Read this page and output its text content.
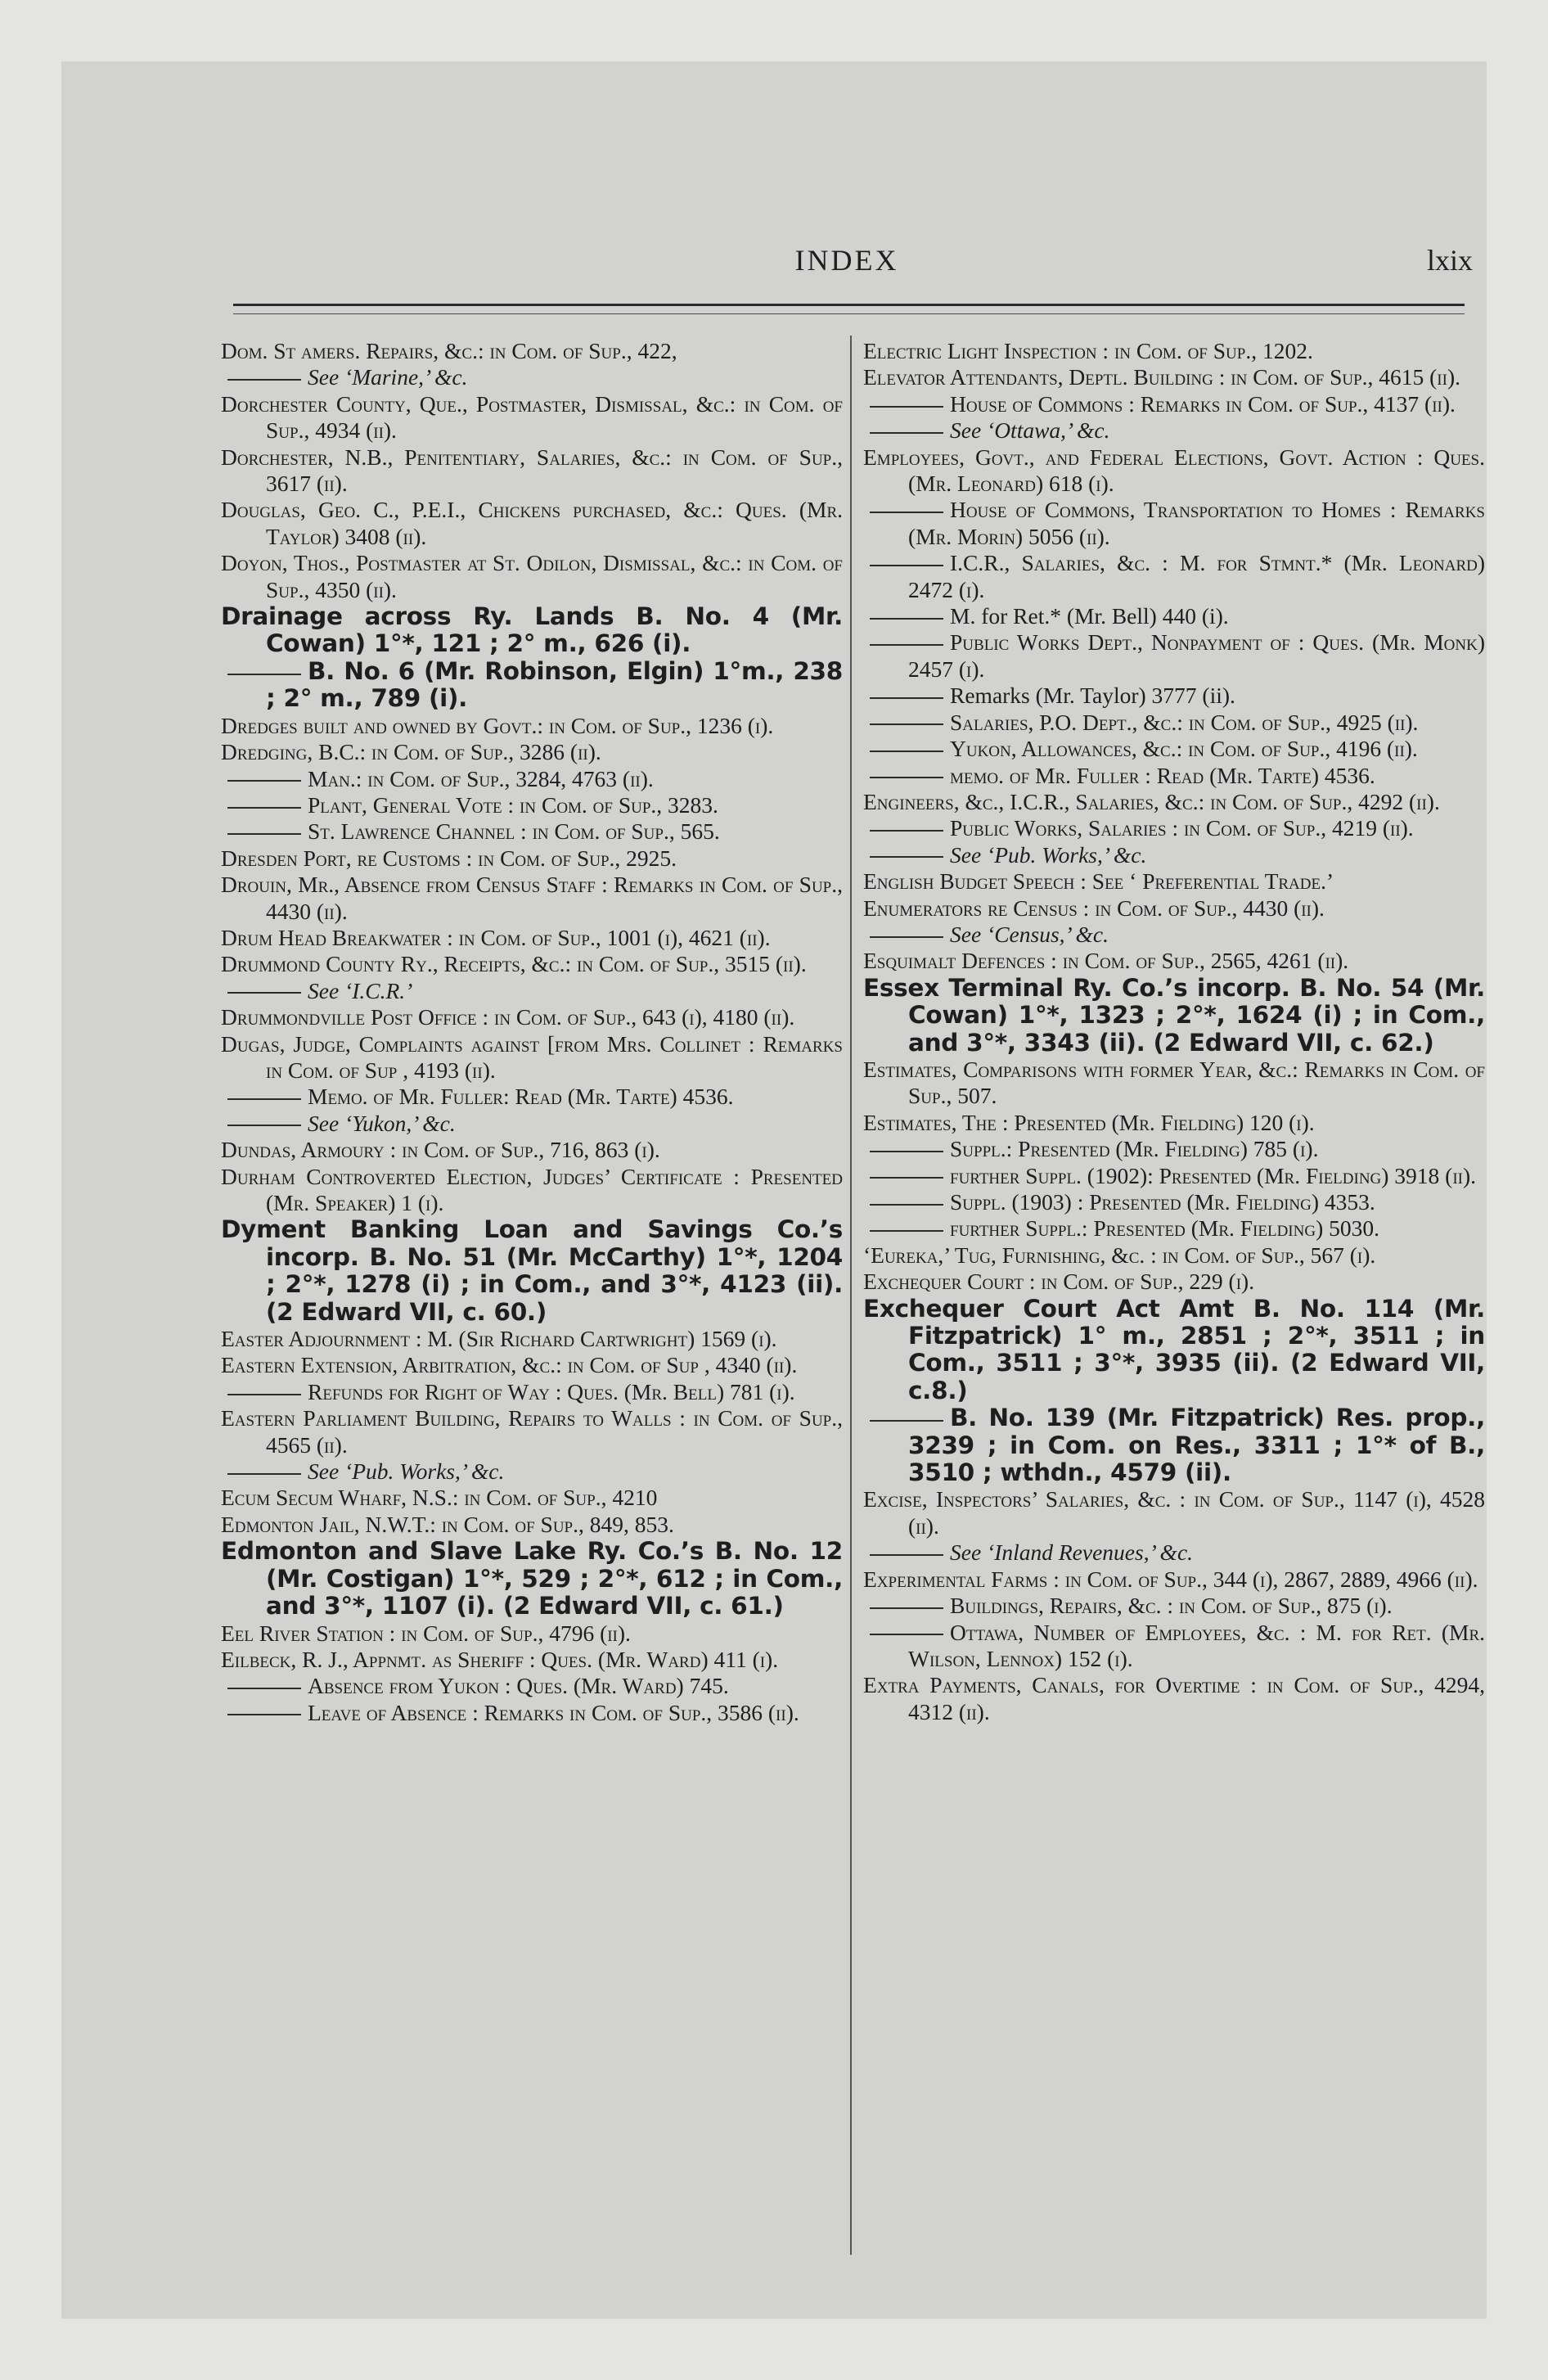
INDEX	lxix

Dom. St amers. Repairs, &c.: in Com. of Sup., 422,

See ‘Marine,’ &c.

Dorchester County, Que., Postmaster, Dismissal, &c.: in Com. of Sup., 4934 (ii).

Dorchester, N.B., Penitentiary, Salaries, &c.: in Com. of Sup., 3617 (ii).

Douglas, Geo. C., P.E.I., Chickens purchased, &c.: Ques. (Mr. Taylor) 3408 (ii).

Doyon, Thos., Postmaster at St. Odilon, Dismissal, &c.: in Com. of Sup., 4350 (ii).

Drainage across Ry. Lands B. No. 4 (Mr. Cowan) 1°*, 121 ; 2° m., 626 (i).

B. No. 6 (Mr. Robinson, Elgin) 1°m., 238 ; 2° m., 789 (i).

Dredges built and owned by Govt.: in Com. of Sup., 1236 (i).

Dredging, B.C.: in Com. of Sup., 3286 (ii).

Man.: in Com. of Sup., 3284, 4763 (ii).

Plant, General Vote : in Com. of Sup., 3283.

St. Lawrence Channel : in Com. of Sup., 565.

Dresden Port, re Customs : in Com. of Sup., 2925.

Drouin, Mr., Absence from Census Staff : Remarks in Com. of Sup., 4430 (ii).

Drum Head Breakwater : in Com. of Sup., 1001 (i), 4621 (ii).

Drummond County Ry., Receipts, &c.: in Com. of Sup., 3515 (ii).

See ‘I.C.R.’

Drummondville Post Office : in Com. of Sup., 643 (i), 4180 (ii).

Dugas, Judge, Complaints against [from Mrs. Collinet : Remarks in Com. of Sup , 4193 (ii).

Memo. of Mr. Fuller: Read (Mr. Tarte) 4536.

See ‘Yukon,’ &c.

Dundas, Armoury : in Com. of Sup., 716, 863 (i).

Durham Controverted Election, Judges’ Certificate : Presented (Mr. Speaker) 1 (i).

Dyment Banking Loan and Savings Co.’s incorp. B. No. 51 (Mr. McCarthy) 1°*, 1204 ; 2°*, 1278 (i) ; in Com., and 3°*, 4123 (ii). (2 Edward VII, c. 60.)

Easter Adjournment : M. (Sir Richard Cartwright) 1569 (i).

Eastern Extension, Arbitration, &c.: in Com. of Sup , 4340 (ii).

Refunds for Right of Way : Ques. (Mr. Bell) 781 (i).

Eastern Parliament Building, Repairs to Walls : in Com. of Sup., 4565 (ii).

See ‘Pub. Works,’ &c.

Ecum Secum Wharf, N.S.: in Com. of Sup., 4210

Edmonton Jail, N.W.T.: in Com. of Sup., 849, 853.

Edmonton and Slave Lake Ry. Co.’s B. No. 12 (Mr. Costigan) 1°*, 529 ; 2°*, 612 ; in Com., and 3°*, 1107 (i). (2 Edward VII, c. 61.)

Eel River Station : in Com. of Sup., 4796 (ii).

Eilbeck, R. J., Appnmt. as Sheriff : Ques. (Mr. Ward) 411 (i).

Absence from Yukon : Ques. (Mr. Ward) 745.

Leave of Absence : Remarks in Com. of Sup., 3586 (ii).

Electric Light Inspection : in Com. of Sup., 1202.

Elevator Attendants, Deptl. Building : in Com. of Sup., 4615 (ii).

House of Commons : Remarks in Com. of Sup., 4137 (ii).

See ‘Ottawa,’ &c.

Employees, Govt., and Federal Elections, Govt. Action : Ques. (Mr. Leonard) 618 (i).

House of Commons, Transportation to Homes : Remarks (Mr. Morin) 5056 (ii).

I.C.R., Salaries, &c. : M. for Stmnt.* (Mr. Leonard) 2472 (i).

M. for Ret.* (Mr. Bell) 440 (i).

Public Works Dept., Nonpayment of : Ques. (Mr. Monk) 2457 (i).

Remarks (Mr. Taylor) 3777 (ii).

Salaries, P.O. Dept., &c.: in Com. of Sup., 4925 (ii).

Yukon, Allowances, &c.: in Com. of Sup., 4196 (ii).

memo. of Mr. Fuller : Read (Mr. Tarte) 4536.

Engineers, &c., I.C.R., Salaries, &c.: in Com. of Sup., 4292 (ii).

Public Works, Salaries : in Com. of Sup., 4219 (ii).

See ‘Pub. Works,’ &c.

English Budget Speech : See ‘ Preferential Trade.’

Enumerators re Census : in Com. of Sup., 4430 (ii).

See ‘Census,’ &c.

Esquimalt Defences : in Com. of Sup., 2565, 4261 (ii).

Essex Terminal Ry. Co.’s incorp. B. No. 54 (Mr. Cowan) 1°*, 1323 ; 2°*, 1624 (i) ; in Com., and 3°*, 3343 (ii). (2 Edward VII, c. 62.)

Estimates, Comparisons with former Year, &c.: Remarks in Com. of Sup., 507.

Estimates, The : Presented (Mr. Fielding) 120 (i).

Suppl.: Presented (Mr. Fielding) 785 (i).

further Suppl. (1902): Presented (Mr. Fielding) 3918 (ii).

Suppl. (1903) : Presented (Mr. Fielding) 4353.

further Suppl.: Presented (Mr. Fielding) 5030.

‘Eureka,’ Tug, Furnishing, &c. : in Com. of Sup., 567 (i).

Exchequer Court : in Com. of Sup., 229 (i).

Exchequer Court Act Amt B. No. 114 (Mr. Fitzpatrick) 1° m., 2851 ; 2°*, 3511 ; in Com., 3511 ; 3°*, 3935 (ii). (2 Edward VII, c.8.)

B. No. 139 (Mr. Fitzpatrick) Res. prop., 3239 ; in Com. on Res., 3311 ; 1°* of B., 3510 ; wthdn., 4579 (ii).

Excise, Inspectors’ Salaries, &c. : in Com. of Sup., 1147 (i), 4528 (ii).

See ‘Inland Revenues,’ &c.

Experimental Farms : in Com. of Sup., 344 (i), 2867, 2889, 4966 (ii).

Buildings, Repairs, &c. : in Com. of Sup., 875 (i).

Ottawa, Number of Employees, &c. : M. for Ret. (Mr. Wilson, Lennox) 152 (i).

Extra Payments, Canals, for Overtime : in Com. of Sup., 4294, 4312 (ii).
